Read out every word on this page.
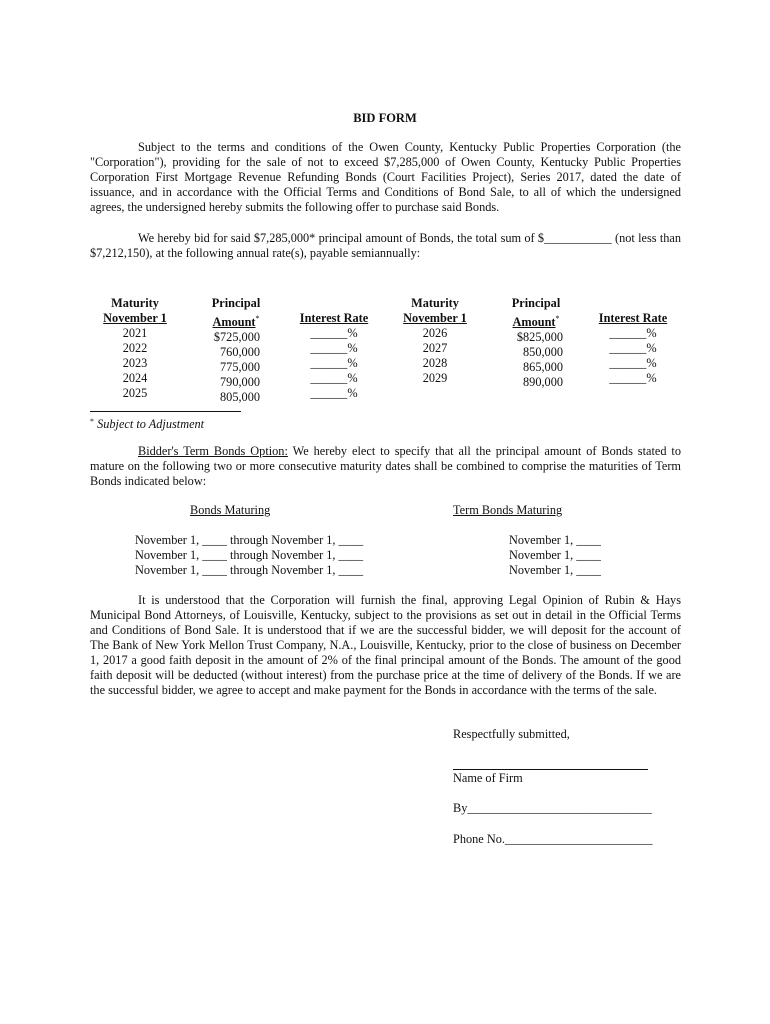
BID FORM
Subject to the terms and conditions of the Owen County, Kentucky Public Properties Corporation (the "Corporation"), providing for the sale of not to exceed $7,285,000 of Owen County, Kentucky Public Properties Corporation First Mortgage Revenue Refunding Bonds (Court Facilities Project), Series 2017, dated the date of issuance, and in accordance with the Official Terms and Conditions of Bond Sale, to all of which the undersigned agrees, the undersigned hereby submits the following offer to purchase said Bonds.
We hereby bid for said $7,285,000* principal amount of Bonds, the total sum of $___________ (not less than $7,212,150), at the following annual rate(s), payable semiannually:
Maturity
November 1
2021
2022
2023
2024
2025
Principal
Amount*
$725,000
760,000
775,000
790,000
805,000
Interest Rate
______%
______%
______%
______%
______%
Maturity
November 1
2026
2027
2028
2029
Principal
Amount*
$825,000
850,000
865,000
890,000
Interest Rate
______%
______%
______%
______%
* Subject to Adjustment
Bidder's Term Bonds Option: We hereby elect to specify that all the principal amount of Bonds stated to mature on the following two or more consecutive maturity dates shall be combined to comprise the maturities of Term Bonds indicated below:
Bonds Maturing	Term Bonds Maturing
November 1, ____ through November 1, ____
November 1, ____ through November 1, ____
November 1, ____ through November 1, ____
November 1, ____
November 1, ____
November 1, ____
It is understood that the Corporation will furnish the final, approving Legal Opinion of Rubin & Hays Municipal Bond Attorneys, of Louisville, Kentucky, subject to the provisions as set out in detail in the Official Terms and Conditions of Bond Sale. It is understood that if we are the successful bidder, we will deposit for the account of The Bank of New York Mellon Trust Company, N.A., Louisville, Kentucky, prior to the close of business on December 1, 2017 a good faith deposit in the amount of 2% of the final principal amount of the Bonds. The amount of the good faith deposit will be deducted (without interest) from the purchase price at the time of delivery of the Bonds. If we are the successful bidder, we agree to accept and make payment for the Bonds in accordance with the terms of the sale.
Respectfully submitted,
Name of Firm
By______________________________
Phone No.________________________
